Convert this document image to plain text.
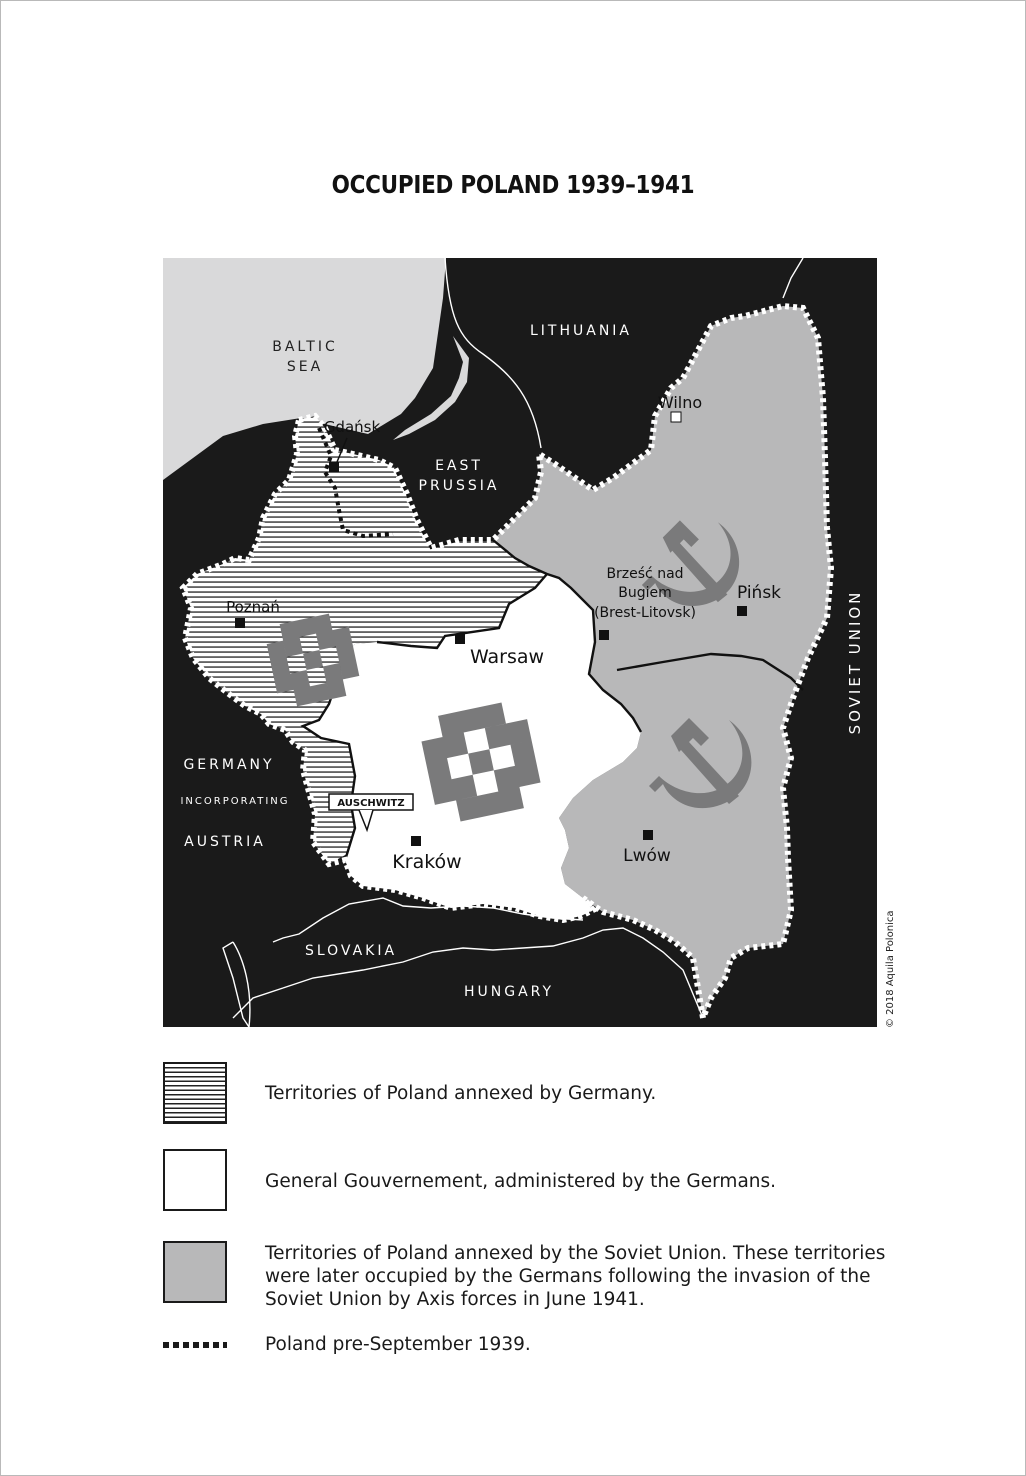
OCCUPIED POLAND 1939–1941
AUSCHWITZ
BALTIC
SEA
LITHUANIA
EAST
PRUSSIA
GERMANY
INCORPORATING
AUSTRIA
SLOVAKIA
HUNGARY
SOVIET UNION
Gdańsk
Wilno
Poznań
Warsaw
Brześć nad
Bugiem
(Brest-Litovsk)
Pińsk
Kraków	Lwów
© 2018 Aquila Polonica
Territories of Poland annexed by Germany.
General Gouvernement, administered by the Germans.
Territories of Poland annexed by the Soviet Union. These territories were later occupied by the Germans following the invasion of the Soviet Union by Axis forces in June 1941.
Poland pre-September 1939.
